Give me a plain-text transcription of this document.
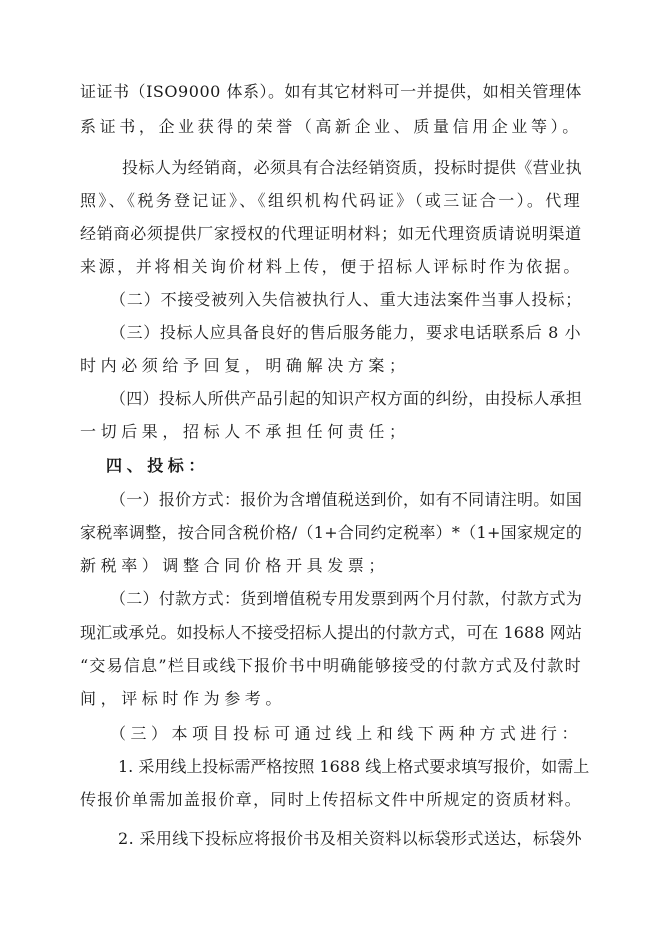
证证书（ISO9000 体系）。如有其它材料可一并提供，如相关管理体
系证书，企业获得的荣誉（高新企业、质量信用企业等）。
投标人为经销商，必须具有合法经销资质，投标时提供《营业执
照》、《税务登记证》、《组织机构代码证》（或三证合一）。代理
经销商必须提供厂家授权的代理证明材料；如无代理资质请说明渠道
来源，并将相关询价材料上传，便于招标人评标时作为依据。
（二）不接受被列入失信被执行人、重大违法案件当事人投标；
（三）投标人应具备良好的售后服务能力，要求电话联系后 8 小
时内必须给予回复，明确解决方案；
（四）投标人所供产品引起的知识产权方面的纠纷，由投标人承担
一切后果，招标人不承担任何责任；
四、投标：
（一）报价方式：报价为含增值税送到价，如有不同请注明。如国
家税率调整，按合同含税价格/（1+合同约定税率）*（1+国家规定的
新税率）调整合同价格开具发票；
（二）付款方式：货到增值税专用发票到两个月付款，付款方式为
现汇或承兑。如投标人不接受招标人提出的付款方式，可在 1688 网站
“交易信息”栏目或线下报价书中明确能够接受的付款方式及付款时
间，评标时作为参考。
（三）本项目投标可通过线上和线下两种方式进行：
1. 采用线上投标需严格按照 1688 线上格式要求填写报价，如需上
传报价单需加盖报价章，同时上传招标文件中所规定的资质材料。
2. 采用线下投标应将报价书及相关资料以标袋形式送达，标袋外
